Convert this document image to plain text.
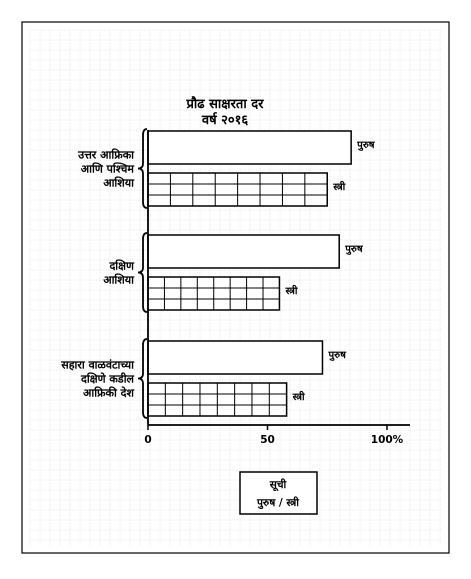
प्रौढ साक्षरता दर
वर्ष २०१६
पुरुष
स्त्री
उत्तर आफ्रिका
आणि पश्चिम
आशिया
पुरुष
स्त्री
दक्षिण
आशिया
पुरुष
स्त्री
सहारा वाळवंटाच्या
दक्षिणे कडील
आफ्रिकी देश
0	50	100%
सूची
पुरुष / स्त्री
